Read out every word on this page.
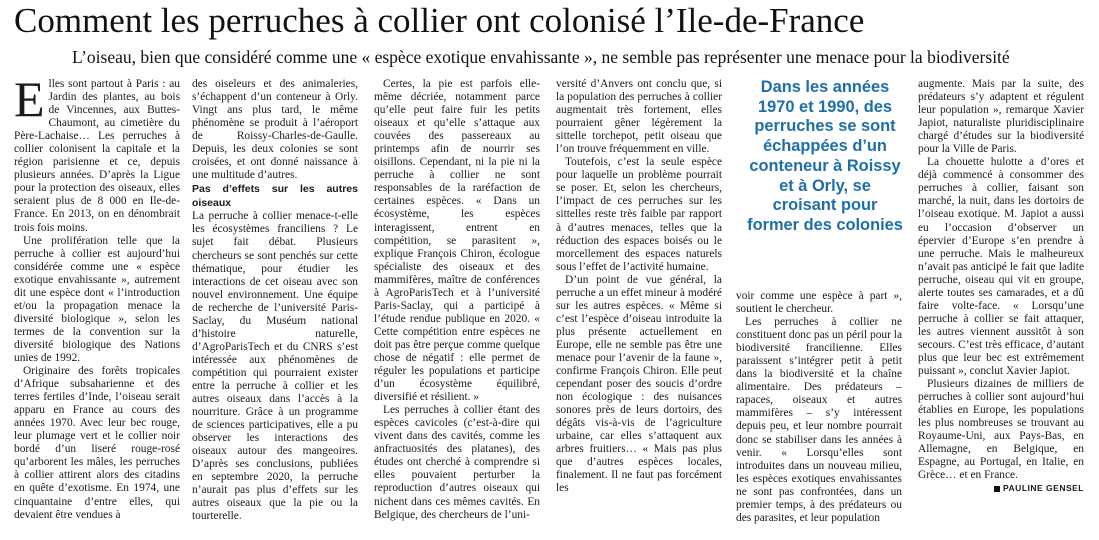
Comment les perruches à collier ont colonisé l’Ile-de-France
L’oiseau, bien que considéré comme une « espèce exotique envahissante », ne semble pas représenter une menace pour la biodiversité

Elles sont partout à Paris : au Jardin des plantes, au bois de Vincennes, aux Buttes-Chaumont, au cimetière du Père-Lachaise… Les perruches à collier colonisent la capitale et la région parisienne et ce, depuis plusieurs années. D’après la Ligue pour la protection des oiseaux, elles seraient plus de 8 000 en Ile-de-France. En 2013, on en dénombrait trois fois moins.

Une prolifération telle que la perruche à collier est aujourd’hui considérée comme une « espèce exotique envahissante », autrement dit une espèce dont « l’introduction et/ou la propagation menace la diversité biologique », selon les termes de la convention sur la diversité biologique des Nations unies de 1992.

Originaire des forêts tropicales d’Afrique subsaharienne et des terres fertiles d’Inde, l’oiseau serait apparu en France au cours des années 1970. Avec leur bec rouge, leur plumage vert et le collier noir bordé d’un liseré rouge-rosé qu’arborent les mâles, les perruches à collier attirent alors des citadins en quête d’exotisme. En 1974, une cinquantaine d’entre elles, qui devaient être vendues à

des oiseleurs et des animaleries, s’échappent d’un conteneur à Orly. Vingt ans plus tard, le même phénomène se produit à l’aéroport de Roissy-Charles-de-Gaulle. Depuis, les deux colonies se sont croisées, et ont donné naissance à une multitude d’autres.

Pas d’effets sur les autres oiseaux

La perruche à collier menace-t-elle les écosystèmes franciliens ? Le sujet fait débat. Plusieurs chercheurs se sont penchés sur cette thématique, pour étudier les interactions de cet oiseau avec son nouvel environnement. Une équipe de recherche de l’université Paris-Saclay, du Muséum national d’histoire naturelle, d’AgroParisTech et du CNRS s’est intéressée aux phénomènes de compétition qui pourraient exister entre la perruche à collier et les autres oiseaux dans l’accès à la nourriture. Grâce à un programme de sciences participatives, elle a pu observer les interactions des oiseaux autour des mangeoires. D’après ses conclusions, publiées en septembre 2020, la perruche n’aurait pas plus d’effets sur les autres oiseaux que la pie ou la tourterelle.

Certes, la pie est parfois elle-même décriée, notamment parce qu’elle peut faire fuir les petits oiseaux et qu’elle s’attaque aux couvées des passereaux au printemps afin de nourrir ses oisillons. Cependant, ni la pie ni la perruche à collier ne sont responsables de la raréfaction de certaines espèces. « Dans un écosystème, les espèces interagissent, entrent en compétition, se parasitent », explique François Chiron, écologue spécialiste des oiseaux et des mammifères, maître de conférences à AgroParisTech et à l’université Paris-Saclay, qui a participé à l’étude rendue publique en 2020. « Cette compétition entre espèces ne doit pas être perçue comme quelque chose de négatif : elle permet de réguler les populations et participe d’un écosystème équilibré, diversifié et résilient. »

Les perruches à collier étant des espèces cavicoles (c’est-à-dire qui vivent dans des cavités, comme les anfractuosités des platanes), des études ont cherché à comprendre si elles pouvaient perturber la reproduction d’autres oiseaux qui nichent dans ces mêmes cavités. En Belgique, des chercheurs de l’uni-

versité d’Anvers ont conclu que, si la population des perruches à collier augmentait très fortement, elles pourraient gêner légèrement la sittelle torchepot, petit oiseau que l’on trouve fréquemment en ville.

Toutefois, c’est la seule espèce pour laquelle un problème pourrait se poser. Et, selon les chercheurs, l’impact de ces perruches sur les sittelles reste très faible par rapport à d’autres menaces, telles que la réduction des espaces boisés ou le morcellement des espaces naturels sous l’effet de l’activité humaine.

D’un point de vue général, la perruche a un effet mineur à modéré sur les autres espèces. « Même si c’est l’espèce d’oiseau introduite la plus présente actuellement en Europe, elle ne semble pas être une menace pour l’avenir de la faune », confirme François Chiron. Elle peut cependant poser des soucis d’ordre non écologique : des nuisances sonores près de leurs dortoirs, des dégâts vis-à-vis de l’agriculture urbaine, car elles s’attaquent aux arbres fruitiers… « Mais pas plus que d’autres espèces locales, finalement. Il ne faut pas forcément les

Dans les années 1970 et 1990, des perruches se sont échappées d’un conteneur à Roissy et à Orly, se croisant pour former des colonies

voir comme une espèce à part », soutient le chercheur.

Les perruches à collier ne constituent donc pas un péril pour la biodiversité francilienne. Elles paraissent s’intégrer petit à petit dans la biodiversité et la chaîne alimentaire. Des prédateurs – rapaces, oiseaux et autres mammifères – s’y intéressent depuis peu, et leur nombre pourrait donc se stabiliser dans les années à venir. « Lorsqu’elles sont introduites dans un nouveau milieu, les espèces exotiques envahissantes ne sont pas confrontées, dans un premier temps, à des prédateurs ou des parasites, et leur population

augmente. Mais par la suite, des prédateurs s’y adaptent et régulent leur population », remarque Xavier Japiot, naturaliste pluridisciplinaire chargé d’études sur la biodiversité pour la Ville de Paris.

La chouette hulotte a d’ores et déjà commencé à consommer des perruches à collier, faisant son marché, la nuit, dans les dortoirs de l’oiseau exotique. M. Japiot a aussi eu l’occasion d’observer un épervier d’Europe s’en prendre à une perruche. Mais le malheureux n’avait pas anticipé le fait que ladite perruche, oiseau qui vit en groupe, alerte toutes ses camarades, et a dû faire volte-face. « Lorsqu’une perruche à collier se fait attaquer, les autres viennent aussitôt à son secours. C’est très efficace, d’autant plus que leur bec est extrêmement puissant », conclut Xavier Japiot.

Plusieurs dizaines de milliers de perruches à collier sont aujourd’hui établies en Europe, les populations les plus nombreuses se trouvant au Royaume-Uni, aux Pays-Bas, en Allemagne, en Belgique, en Espagne, au Portugal, en Italie, en Grèce… et en France.

PAULINE GENSEL
